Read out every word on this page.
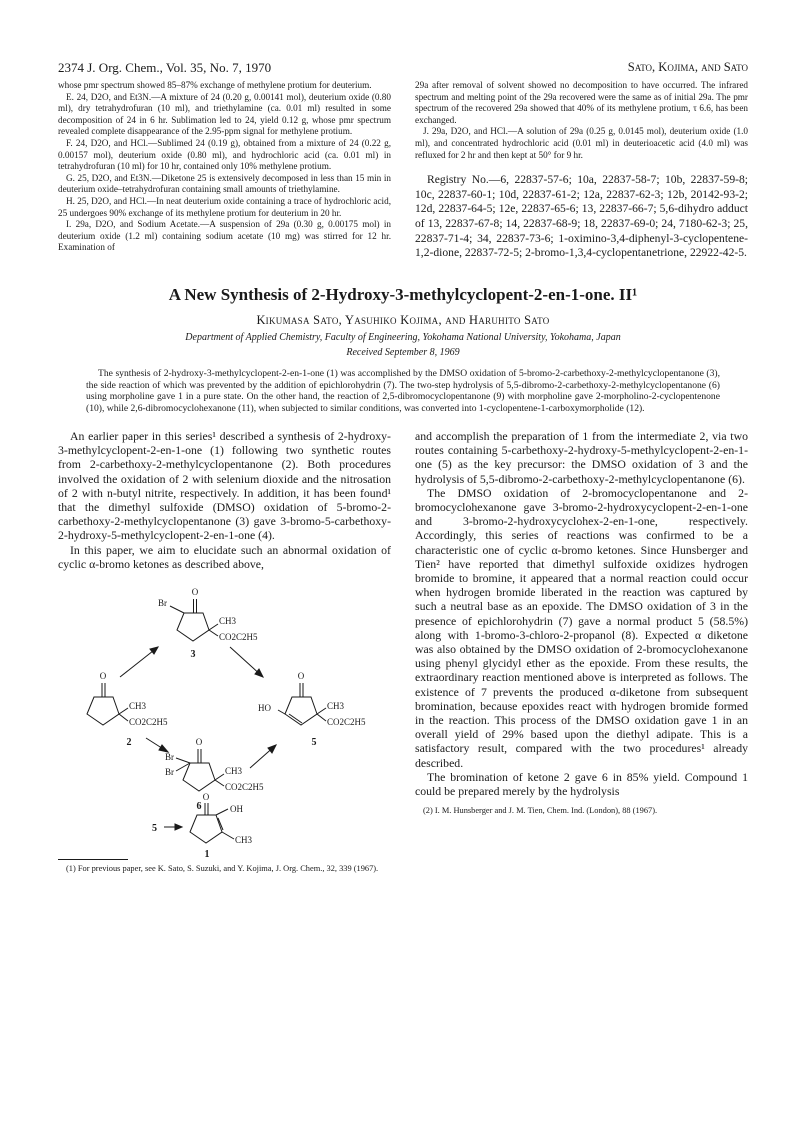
2374 J. Org. Chem., Vol. 35, No. 7, 1970	Sato, Kojima, and Sato

whose pmr spectrum showed 85–87% exchange of methylene protium for deuterium.

E. 24, D2O, and Et3N.—A mixture of 24 (0.20 g, 0.00141 mol), deuterium oxide (0.80 ml), dry tetrahydrofuran (10 ml), and triethylamine (ca. 0.01 ml) resulted in some decomposition of 24 in 6 hr. Sublimation led to 24, yield 0.12 g, whose pmr spectrum revealed complete disappearance of the 2.95-ppm signal for methylene protium.

F. 24, D2O, and HCl.—Sublimed 24 (0.19 g), obtained from a mixture of 24 (0.22 g, 0.00157 mol), deuterium oxide (0.80 ml), and hydrochloric acid (ca. 0.01 ml) in tetrahydrofuran (10 ml) for 10 hr, contained only 10% methylene protium.

G. 25, D2O, and Et3N.—Diketone 25 is extensively decomposed in less than 15 min in deuterium oxide–tetrahydrofuran containing small amounts of triethylamine.

H. 25, D2O, and HCl.—In neat deuterium oxide containing a trace of hydrochloric acid, 25 undergoes 90% exchange of its methylene protium for deuterium in 20 hr.

I. 29a, D2O, and Sodium Acetate.—A suspension of 29a (0.30 g, 0.00175 mol) in deuterium oxide (1.2 ml) containing sodium acetate (10 mg) was stirred for 12 hr. Examination of

29a after removal of solvent showed no decomposition to have occurred. The infrared spectrum and melting point of the 29a recovered were the same as of initial 29a. The pmr spectrum of the recovered 29a showed that 40% of its methylene protium, τ 6.6, has been exchanged.

J. 29a, D2O, and HCl.—A solution of 29a (0.25 g, 0.0145 mol), deuterium oxide (1.0 ml), and concentrated hydrochloric acid (0.01 ml) in deuterioacetic acid (4.0 ml) was refluxed for 2 hr and then kept at 50° for 9 hr.

Registry No.—6, 22837-57-6; 10a, 22837-58-7; 10b, 22837-59-8; 10c, 22837-60-1; 10d, 22837-61-2; 12a, 22837-62-3; 12b, 20142-93-2; 12d, 22837-64-5; 12e, 22837-65-6; 13, 22837-66-7; 5,6-dihydro adduct of 13, 22837-67-8; 14, 22837-68-9; 18, 22837-69-0; 24, 7180-62-3; 25, 22837-71-4; 34, 22837-73-6; 1-oximino-3,4-diphenyl-3-cyclopentene-1,2-dione, 22837-72-5; 2-bromo-1,3,4-cyclopentanetrione, 22922-42-5.
A New Synthesis of 2-Hydroxy-3-methylcyclopent-2-en-1-one. II¹
Kikumasa Sato, Yasuhiko Kojima, and Haruhito Sato
Department of Applied Chemistry, Faculty of Engineering, Yokohama National University, Yokohama, Japan
Received September 8, 1969
The synthesis of 2-hydroxy-3-methylcyclopent-2-en-1-one (1) was accomplished by the DMSO oxidation of 5-bromo-2-carbethoxy-2-methylcyclopentanone (3), the side reaction of which was prevented by the addition of epichlorohydrin (7). The two-step hydrolysis of 5,5-dibromo-2-carbethoxy-2-methylcyclopentanone (6) using morpholine gave 1 in a pure state. On the other hand, the reaction of 2,5-dibromocyclopentanone (9) with morpholine gave 2-morpholino-2-cyclopentenone (10), while 2,6-dibromocyclohexanone (11), when subjected to similar conditions, was converted into 1-cyclopentene-1-carboxymorpholide (12).

An earlier paper in this series¹ described a synthesis of 2-hydroxy-3-methylcyclopent-2-en-1-one (1) following two synthetic routes from 2-carbethoxy-2-methylcyclopentanone (2). Both procedures involved the oxidation of 2 with selenium dioxide and the nitrosation of 2 with n-butyl nitrite, respectively. In addition, it has been found¹ that the dimethyl sulfoxide (DMSO) oxidation of 5-bromo-2-carbethoxy-2-methylcyclopentanone (3) gave 3-bromo-5-carbethoxy-2-hydroxy-5-methylcyclopent-2-en-1-one (4).

In this paper, we aim to elucidate such an abnormal oxidation of cyclic α-bromo ketones as described above,

O
Br
CH3
CO2C2H5
3
O
CH3
CO2C2H5
2
O
HO	CH3
CO2C2H5
5
O
Br
Br	CH3
CO2C2H5
6
5
O
OH
CH3
1
(1) For previous paper, see K. Sato, S. Suzuki, and Y. Kojima, J. Org. Chem., 32, 339 (1967).

and accomplish the preparation of 1 from the intermediate 2, via two routes containing 5-carbethoxy-2-hydroxy-5-methylcyclopent-2-en-1-one (5) as the key precursor: the DMSO oxidation of 3 and the hydrolysis of 5,5-dibromo-2-carbethoxy-2-methylcyclopentanone (6).

The DMSO oxidation of 2-bromocyclopentanone and 2-bromocyclohexanone gave 3-bromo-2-hydroxycyclopent-2-en-1-one and 3-bromo-2-hydroxycyclohex-2-en-1-one, respectively. Accordingly, this series of reactions was confirmed to be a characteristic one of cyclic α-bromo ketones. Since Hunsberger and Tien² have reported that dimethyl sulfoxide oxidizes hydrogen bromide to bromine, it appeared that a normal reaction could occur when hydrogen bromide liberated in the reaction was captured by such a neutral base as an epoxide. The DMSO oxidation of 3 in the presence of epichlorohydrin (7) gave a normal product 5 (58.5%) along with 1-bromo-3-chloro-2-propanol (8). Expected α diketone was also obtained by the DMSO oxidation of 2-bromocyclohexanone using phenyl glycidyl ether as the epoxide. From these results, the extraordinary reaction mentioned above is interpreted as follows. The existence of 7 prevents the produced α-diketone from subsequent bromination, because epoxides react with hydrogen bromide formed in the reaction. This process of the DMSO oxidation gave 1 in an overall yield of 29% based upon the diethyl adipate. This is a satisfactory result, compared with the two procedures¹ already described.

The bromination of ketone 2 gave 6 in 85% yield. Compound 1 could be prepared merely by the hydrolysis

(2) I. M. Hunsberger and J. M. Tien, Chem. Ind. (London), 88 (1967).
